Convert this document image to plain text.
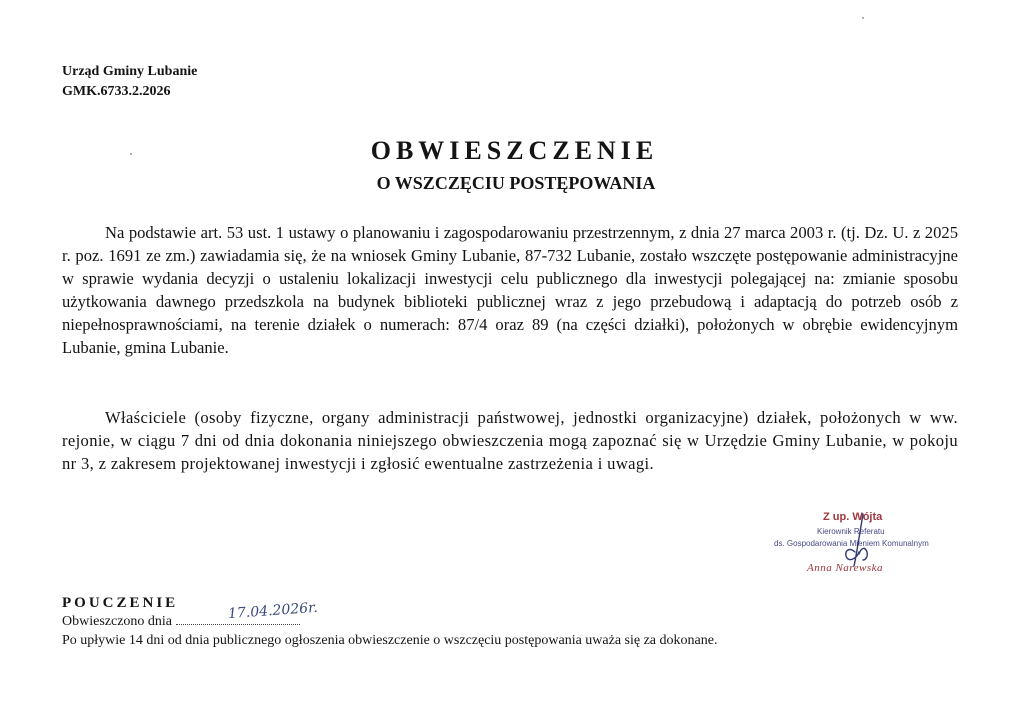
Urząd Gminy Lubanie
GMK.6733.2.2026
OBWIESZCZENIE
O WSZCZĘCIU POSTĘPOWANIA

Na podstawie art. 53 ust. 1 ustawy o planowaniu i zagospodarowaniu przestrzennym, z dnia 27 marca 2003 r. (tj. Dz. U. z 2025 r. poz. 1691 ze zm.) zawiadamia się, że na wniosek Gminy Lubanie, 87-732 Lubanie, zostało wszczęte postępowanie administracyjne w sprawie wydania decyzji o ustaleniu lokalizacji inwestycji celu publicznego dla inwestycji polegającej na: zmianie sposobu użytkowania dawnego przedszkola na budynek biblioteki publicznej wraz z jego przebudową i adaptacją do potrzeb osób z niepełnosprawnościami, na terenie działek o numerach: 87/4 oraz 89 (na części działki), położonych w obrębie ewidencyjnym Lubanie, gmina Lubanie.

Właściciele (osoby fizyczne, organy administracji państwowej, jednostki organizacyjne) działek, położonych w ww. rejonie, w ciągu 7 dni od dnia dokonania niniejszego obwieszczenia mogą zapoznać się w Urzędzie Gminy Lubanie, w pokoju nr 3, z zakresem projektowanej inwestycji i zgłosić ewentualne zastrzeżenia i uwagi.

Z up. Wójta
Kierownik Referatu
ds. Gospodarowania Mieniem Komunalnym
Anna Narewska
POUCZENIE
Obwieszczono dnia	17.04.2026r.
Po upływie 14 dni od dnia publicznego ogłoszenia obwieszczenie o wszczęciu postępowania uważa się za dokonane.
